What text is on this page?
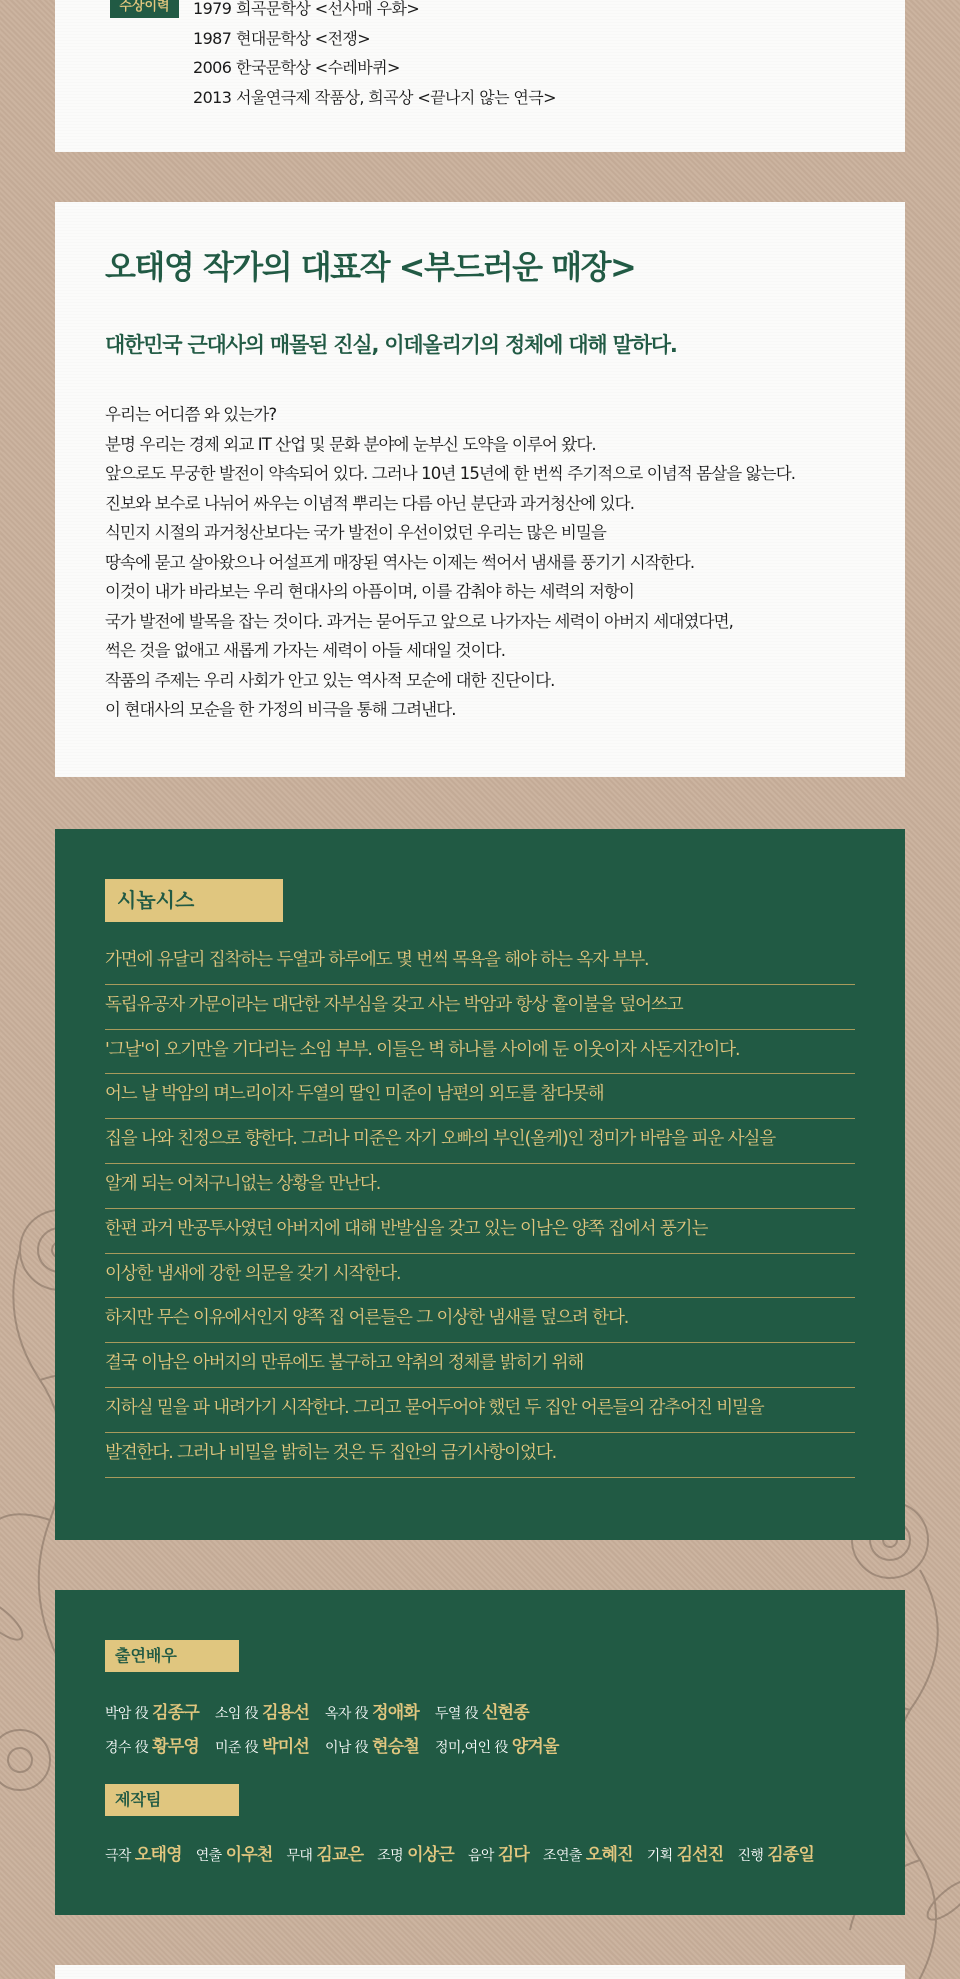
수상이력	1979 희곡문학상 <선사매 우화>
1987 현대문학상 <전쟁>
2006 한국문학상 <수레바퀴>
2013 서울연극제 작품상, 희곡상 <끝나지 않는 연극>
오태영 작가의 대표작 <부드러운 매장>
대한민국 근대사의 매몰된 진실, 이데올리기의 정체에 대해 말하다.

우리는 어디쯤 와 있는가?

분명 우리는 경제 외교 IT 산업 및 문화 분야에 눈부신 도약을 이루어 왔다.

앞으로도 무궁한 발전이 약속되어 있다. 그러나 10년 15년에 한 번씩 주기적으로 이념적 몸살을 앓는다.

진보와 보수로 나뉘어 싸우는 이념적 뿌리는 다름 아닌 분단과 과거청산에 있다.

식민지 시절의 과거청산보다는 국가 발전이 우선이었던 우리는 많은 비밀을

땅속에 묻고 살아왔으나 어설프게 매장된 역사는 이제는 썩어서 냄새를 풍기기 시작한다.

이것이 내가 바라보는 우리 현대사의 아픔이며, 이를 감춰야 하는 세력의 저항이

국가 발전에 발목을 잡는 것이다. 과거는 묻어두고 앞으로 나가자는 세력이 아버지 세대였다면,

썩은 것을 없애고 새롭게 가자는 세력이 아들 세대일 것이다.

작품의 주제는 우리 사회가 안고 있는 역사적 모순에 대한 진단이다.

이 현대사의 모순을 한 가정의 비극을 통해 그려낸다.

시놉시스

가면에 유달리 집착하는 두열과 하루에도 몇 번씩 목욕을 해야 하는 옥자 부부.

독립유공자 가문이라는 대단한 자부심을 갖고 사는 박암과 항상 홑이불을 덮어쓰고

'그날'이 오기만을 기다리는 소임 부부. 이들은 벽 하나를 사이에 둔 이웃이자 사돈지간이다.

어느 날 박암의 며느리이자 두열의 딸인 미준이 남편의 외도를 참다못해

집을 나와 친정으로 향한다. 그러나 미준은 자기 오빠의 부인(올케)인 정미가 바람을 피운 사실을

알게 되는 어처구니없는 상황을 만난다.

한편 과거 반공투사였던 아버지에 대해 반발심을 갖고 있는 이남은 양쪽 집에서 풍기는

이상한 냄새에 강한 의문을 갖기 시작한다.

하지만 무슨 이유에서인지 양쪽 집 어른들은 그 이상한 냄새를 덮으려 한다.

결국 이남은 아버지의 만류에도 불구하고 악취의 정체를 밝히기 위해

지하실 밑을 파 내려가기 시작한다. 그리고 묻어두어야 했던 두 집안 어른들의 감추어진 비밀을

발견한다. 그러나 비밀을 밝히는 것은 두 집안의 금기사항이었다.

출연배우
박암 役 김종구 소임 役 김용선 옥자 役 정애화 두열 役 신현종
경수 役 황무영 미준 役 박미선 이남 役 현승철 정미,여인 役 양겨울
제작팀
극작 오태영 연출 이우천 무대 김교은 조명 이상근 음악 김다 조연출 오혜진 기획 김선진 진행 김종일
